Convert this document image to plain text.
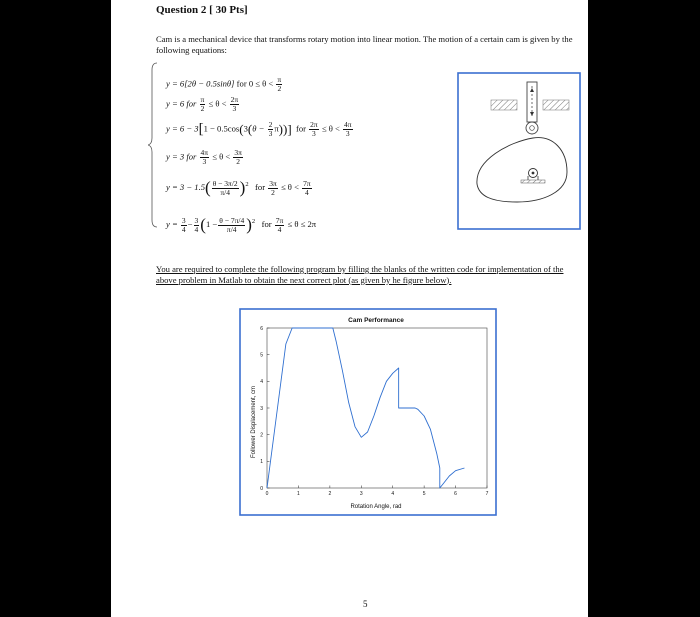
Question 2 [ 30 Pts]
Cam is a mechanical device that transforms rotary motion into linear motion. The motion of a certain cam is given by the following equations:
y = 6[2θ − 0.5sinθ] for $0 \le \theta < \frac{\pi}{2}$
y = 6 for $\frac{\pi}{2} \le \theta < \frac{2\pi}{3}$
$y = 6 - 3[1 - 0.5\cos(3(\theta - \frac{2}{3} \pi))]$ for $\frac{2\pi}{3} \le \theta < \frac{4\pi}{3}$
y = 3 for $\frac{4\pi}{3} \le \theta < \frac{3\pi}{2}$
$y = 3 - 1.5( \frac{\theta - 3\pi/2}{\pi/4} )^2$ for $\frac{3\pi}{2} \le \theta < \frac{7\pi}{4}$
$y = \frac{3}{4} - \frac{3}{4} (1 - \frac{\theta - 7\pi/4}{\pi/4} )^2$ for $\frac{7\pi}{4} \le \theta \le 2\pi$
You are required to complete the following program by filling the blanks of the written code for implementation of the above problem in Matlab to obtain the next correct plot (as given by he figure below).
Cam Performance
Rotation Angle, rad
Follower Displacement, cm
0	1	2	3	4	5	6	7
0
1
2
3
4
5
6
5
